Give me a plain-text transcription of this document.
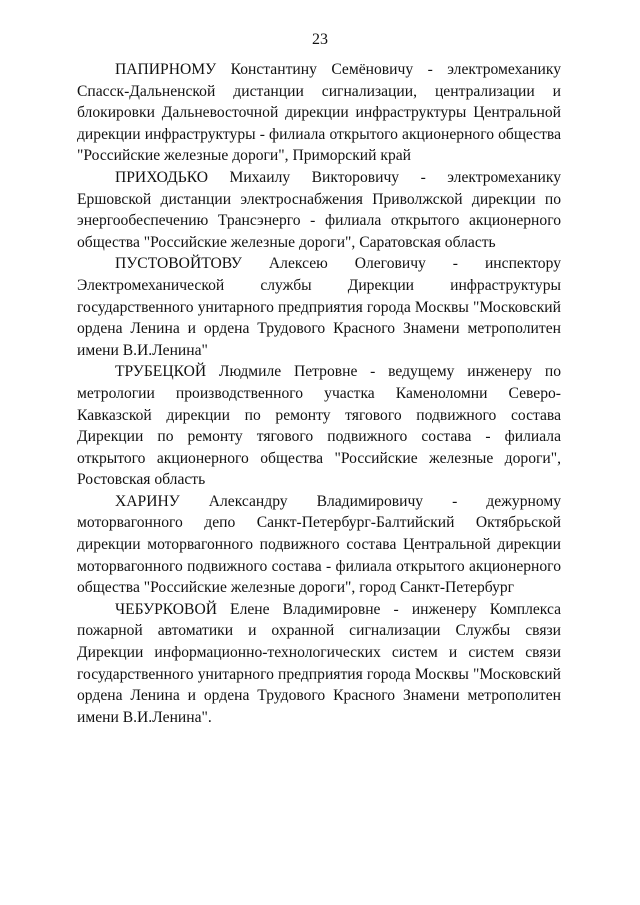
23

ПАПИРНОМУ Константину Семёновичу - электромеханику Спасск-Дальненской дистанции сигнализации, централизации и блокировки Дальневосточной дирекции инфраструктуры Центральной дирекции инфраструктуры - филиала открытого акционерного общества "Российские железные дороги", Приморский край

ПРИХОДЬКО Михаилу Викторовичу - электромеханику Ершовской дистанции электроснабжения Приволжской дирекции по энергообеспечению Трансэнерго - филиала открытого акционерного общества "Российские железные дороги", Саратовская область

ПУСТОВОЙТОВУ Алексею Олеговичу - инспектору Электромеханической службы Дирекции инфраструктуры государственного унитарного предприятия города Москвы "Московский ордена Ленина и ордена Трудового Красного Знамени метрополитен имени В.И.Ленина"

ТРУБЕЦКОЙ Людмиле Петровне - ведущему инженеру по метрологии производственного участка Каменоломни Северо-Кавказской дирекции по ремонту тягового подвижного состава Дирекции по ремонту тягового подвижного состава - филиала открытого акционерного общества "Российские железные дороги", Ростовская область

ХАРИНУ Александру Владимировичу - дежурному моторвагонного депо Санкт-Петербург-Балтийский Октябрьской дирекции моторвагонного подвижного состава Центральной дирекции моторвагонного подвижного состава - филиала открытого акционерного общества "Российские железные дороги", город Санкт-Петербург

ЧЕБУРКОВОЙ Елене Владимировне - инженеру Комплекса пожарной автоматики и охранной сигнализации Службы связи Дирекции информационно-технологических систем и систем связи государственного унитарного предприятия города Москвы "Московский ордена Ленина и ордена Трудового Красного Знамени метрополитен имени В.И.Ленина".
